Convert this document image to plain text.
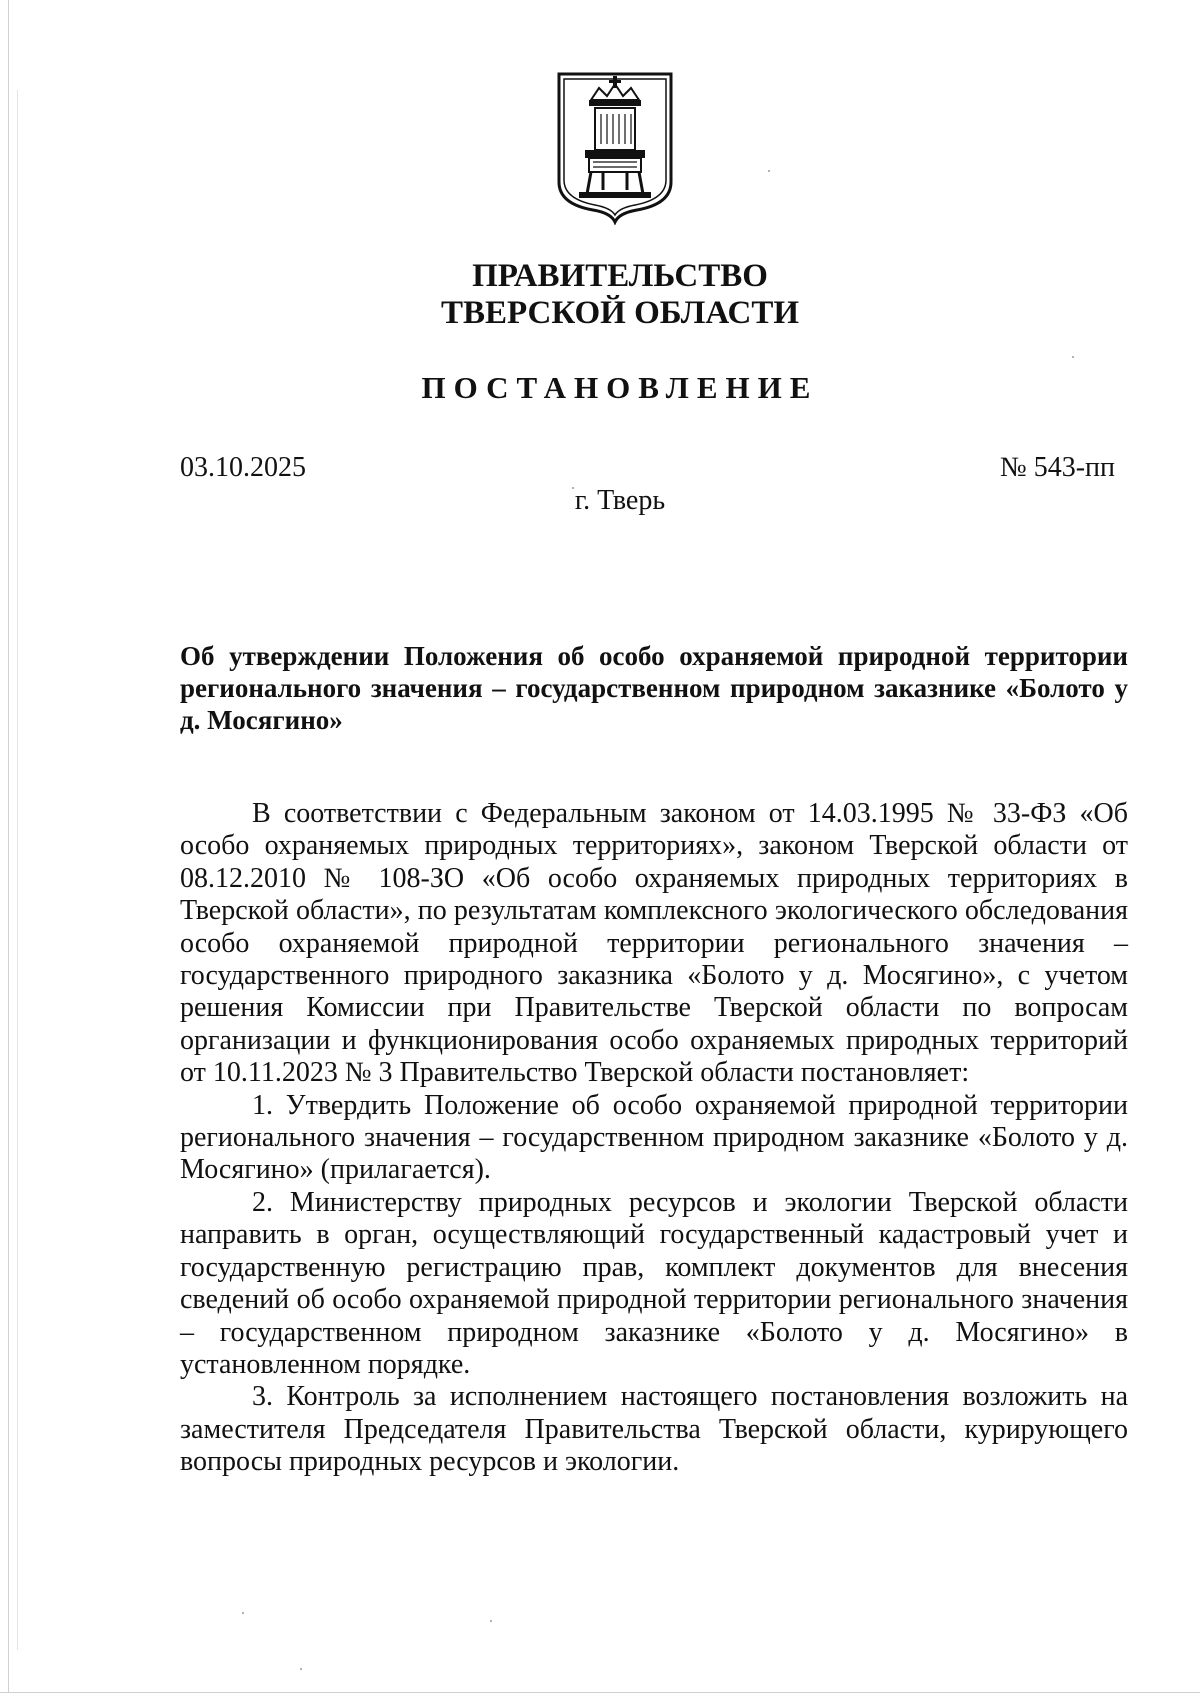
ПРАВИТЕЛЬСТВО
ТВЕРСКОЙ ОБЛАСТИ
ПОСТАНОВЛЕНИЕ
03.10.2025	№ 543-пп
г. Тверь
Об утверждении Положения об особо охраняемой природной территории регионального значения – государственном природном заказнике «Болото у д. Мосягино»

В соответствии с Федеральным законом от 14.03.1995 № 33-ФЗ «Об особо охраняемых природных территориях», законом Тверской области от 08.12.2010 № 108-ЗО «Об особо охраняемых природных территориях в Тверской области», по результатам комплексного экологического обследования особо охраняемой природной территории регионального значения – государственного природного заказника «Болото у д. Мосягино», с учетом решения Комиссии при Правительстве Тверской области по вопросам организации и функционирования особо охраняемых природных территорий от 10.11.2023 № 3 Правительство Тверской области постановляет:

1. Утвердить Положение об особо охраняемой природной территории регионального значения – государственном природном заказнике «Болото у д. Мосягино» (прилагается).

2. Министерству природных ресурсов и экологии Тверской области направить в орган, осуществляющий государственный кадастровый учет и государственную регистрацию прав, комплект документов для внесения сведений об особо охраняемой природной территории регионального значения – государственном природном заказнике «Болото у д. Мосягино» в установленном порядке.

3. Контроль за исполнением настоящего постановления возложить на заместителя Председателя Правительства Тверской области, курирующего вопросы природных ресурсов и экологии.
